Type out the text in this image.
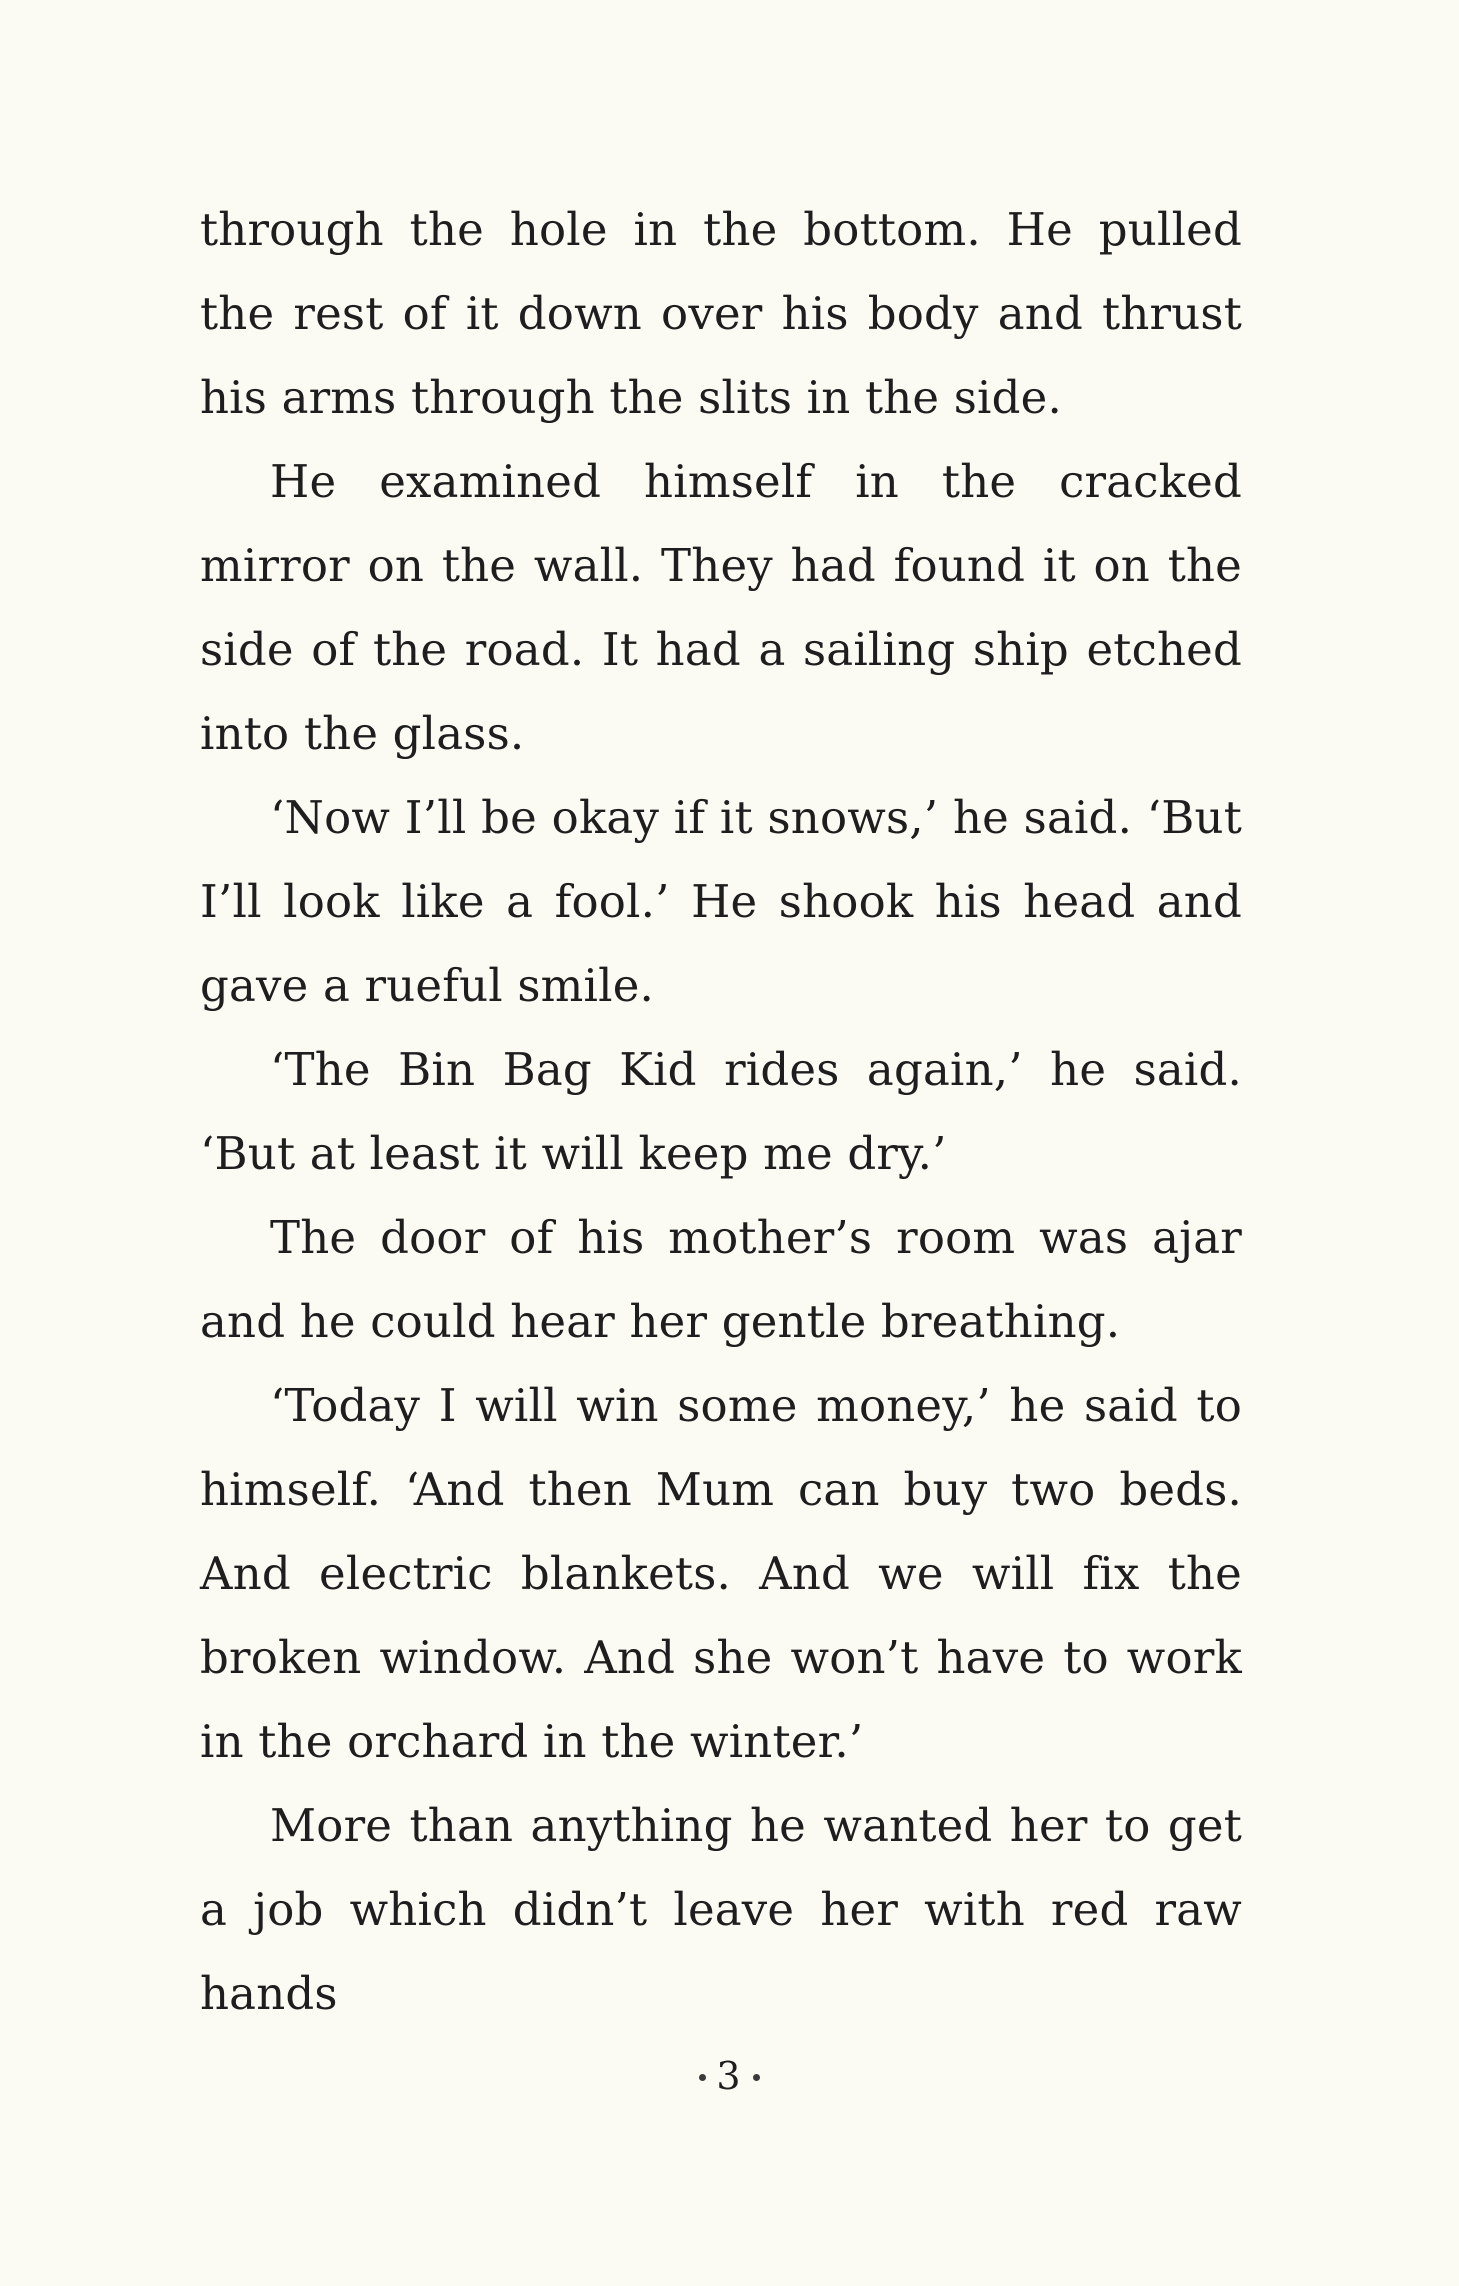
through the hole in the bottom. He pulled the rest of it down over his body and thrust his arms through the slits in the side.

He examined himself in the cracked mirror on the wall. They had found it on the side of the road. It had a sailing ship etched into the glass.

‘Now I’ll be okay if it snows,’ he said. ‘But I’ll look like a fool.’ He shook his head and gave a rueful smile.

‘The Bin Bag Kid rides again,’ he said. ‘But at least it will keep me dry.’

The door of his mother’s room was ajar and he could hear her gentle breathing.

‘Today I will win some money,’ he said to himself. ‘And then Mum can buy two beds. And electric blankets. And we will fix the broken window. And she won’t have to work in the orchard in the winter.’

More than anything he wanted her to get a job which didn’t leave her with red raw hands

3
